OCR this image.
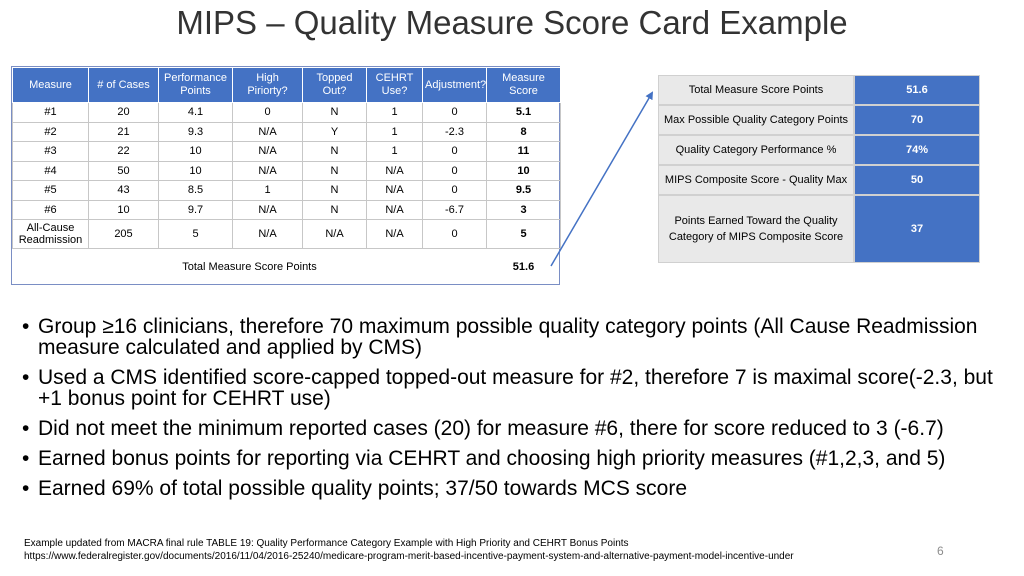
MIPS – Quality Measure Score Card Example
Measure	# of Cases	Performance Points	High Piriorty?	Topped Out?	CEHRT Use?	Adjustment?	Measure Score
#1	20	4.1	0	N	1	0	5.1
#2	21	9.3	N/A	Y	1	-2.3	8
#3	22	10	N/A	N	1	0	11
#4	50	10	N/A	N	N/A	0	10
#5	43	8.5	1	N	N/A	0	9.5
#6	10	9.7	N/A	N	N/A	-6.7	3
All-Cause Readmission	205	5	N/A	N/A	N/A	0	5
Total Measure Score Points							51.6
Total Measure Score Points	51.6
Max Possible Quality Category Points	70
Quality Category Performance %	74%
MIPS Composite Score - Quality Max	50
Points Earned Toward the Quality Category of MIPS Composite Score	37
• Group ≥16 clinicians, therefore 70 maximum possible quality category points (All Cause Readmission measure calculated and applied by CMS)
• Used a CMS identified score-capped topped-out measure for #2, therefore 7 is maximal score(-2.3, but +1 bonus point for CEHRT use)
• Did not meet the minimum reported cases (20) for measure #6, there for score reduced to 3 (-6.7)
• Earned bonus points for reporting via CEHRT and choosing high priority measures (#1,2,3, and 5)
• Earned 69% of total possible quality points; 37/50 towards MCS score
Example updated from MACRA final rule TABLE 19: Quality Performance Category Example with High Priority and CEHRT Bonus Points
https://www.federalregister.gov/documents/2016/11/04/2016-25240/medicare-program-merit-based-incentive-payment-system-and-alternative-payment-model-incentive-under	6
